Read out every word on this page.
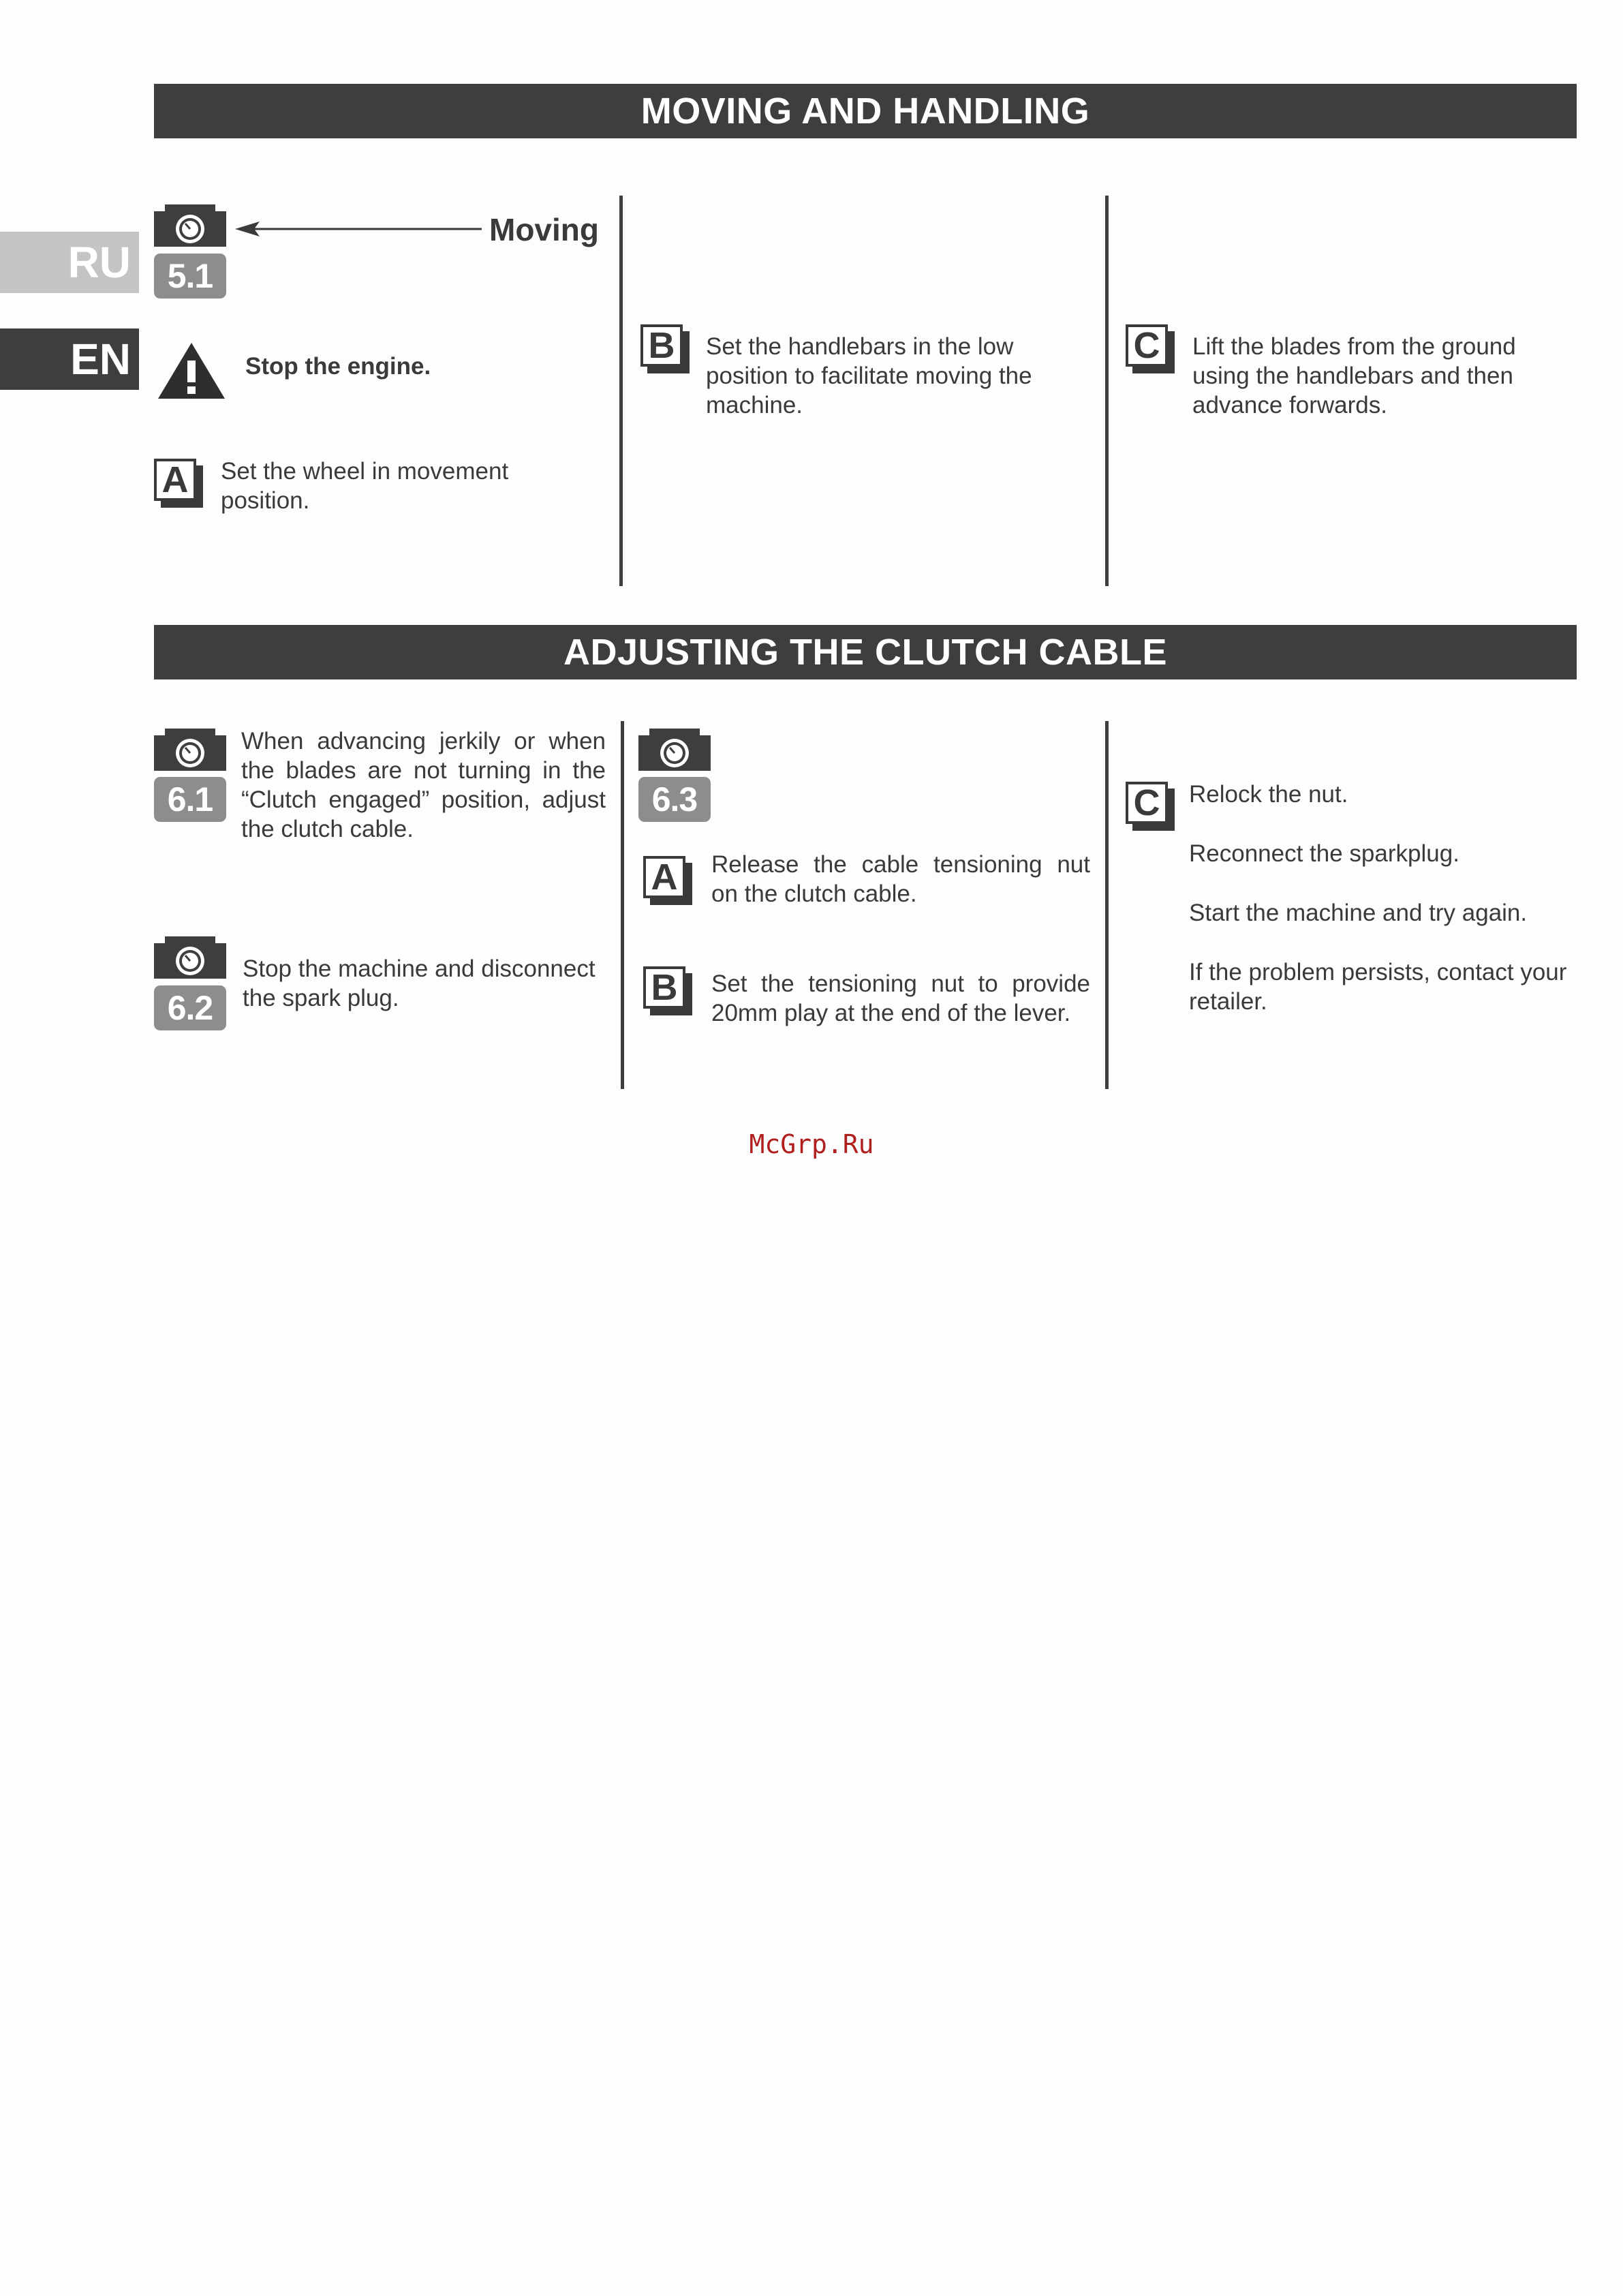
RU
EN
MOVING AND HANDLING
5.1
Moving
Stop the engine.
A	Set the wheel in movement position.
B	Set the handlebars in the low position to facilitate moving the machine.
C	Lift the blades from the ground using the handlebars and then advance forwards.
ADJUSTING THE CLUTCH CABLE
6.1
When advancing jerkily or when the blades are not turning in the “Clutch engaged” position, adjust the clutch cable.
6.2
Stop the machine and disconnect the spark plug.
6.3
A	Release the cable tensioning nut on the clutch cable.
B	Set the tensioning nut to provide 20mm play at the end of the lever.
C	Relock the nut.
Reconnect the sparkplug.
Start the machine and try again.
If the problem persists, contact your retailer.
McGrp.Ru
